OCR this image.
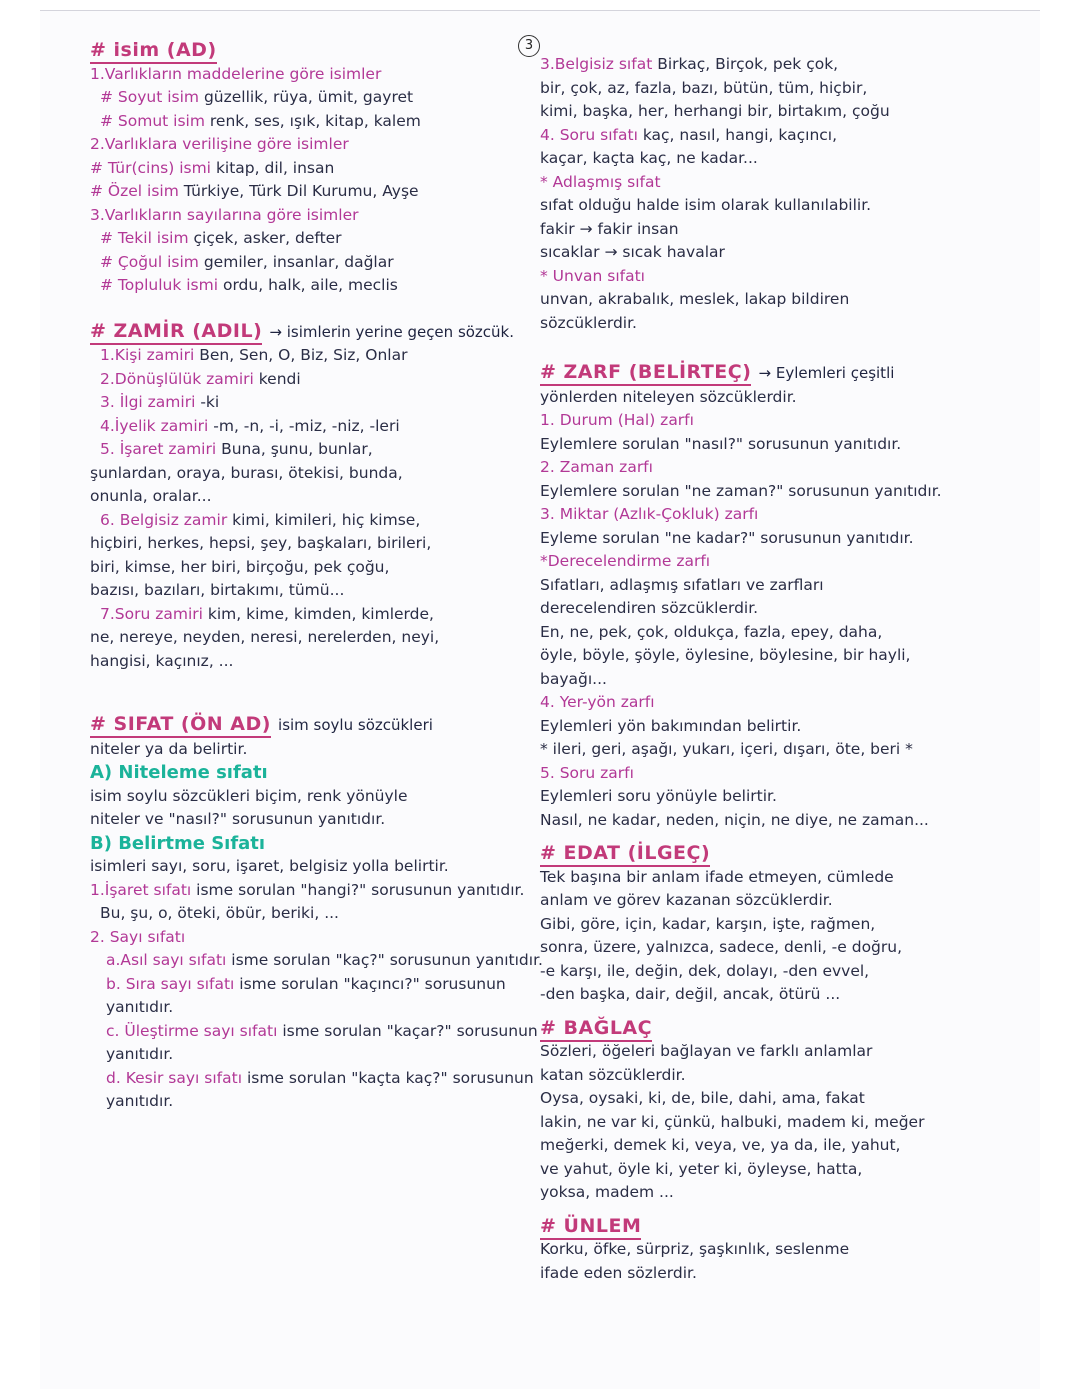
3
# isim (AD)
1.Varlıkların maddelerine göre isimler
# Soyut isim güzellik, rüya, ümit, gayret
# Somut isim renk, ses, ışık, kitap, kalem
2.Varlıklara verilişine göre isimler
# Tür(cins) ismi kitap, dil, insan
# Özel isim Türkiye, Türk Dil Kurumu, Ayşe
3.Varlıkların sayılarına göre isimler
# Tekil isim çiçek, asker, defter
# Çoğul isim gemiler, insanlar, dağlar
# Topluluk ismi ordu, halk, aile, meclis
# ZAMİR (ADIL) → isimlerin yerine geçen sözcük.
1.Kişi zamiri Ben, Sen, O, Biz, Siz, Onlar
2.Dönüşlülük zamiri kendi
3. İlgi zamiri -ki
4.İyelik zamiri -m, -n, -i, -miz, -niz, -leri
5. İşaret zamiri Buna, şunu, bunlar,
şunlardan, oraya, burası, ötekisi, bunda,
onunla, oralar...
6. Belgisiz zamir kimi, kimileri, hiç kimse,
hiçbiri, herkes, hepsi, şey, başkaları, birileri,
biri, kimse, her biri, birçoğu, pek çoğu,
bazısı, bazıları, birtakımı, tümü...
7.Soru zamiri kim, kime, kimden, kimlerde,
ne, nereye, neyden, neresi, nerelerden, neyi,
hangisi, kaçınız, ...
# SIFAT (ÖN AD) isim soylu sözcükleri
niteler ya da belirtir.
A) Niteleme sıfatı
isim soylu sözcükleri biçim, renk yönüyle
niteler ve "nasıl?" sorusunun yanıtıdır.
B) Belirtme Sıfatı
isimleri sayı, soru, işaret, belgisiz yolla belirtir.
1.İşaret sıfatı isme sorulan "hangi?" sorusunun yanıtıdır.
Bu, şu, o, öteki, öbür, beriki, ...
2. Sayı sıfatı
a.Asıl sayı sıfatı isme sorulan "kaç?" sorusunun yanıtıdır.
b. Sıra sayı sıfatı isme sorulan "kaçıncı?" sorusunun yanıtıdır.
c. Üleştirme sayı sıfatı isme sorulan "kaçar?" sorusunun yanıtıdır.
d. Kesir sayı sıfatı isme sorulan "kaçta kaç?" sorusunun yanıtıdır.
3.Belgisiz sıfat Birkaç, Birçok, pek çok,
bir, çok, az, fazla, bazı, bütün, tüm, hiçbir,
kimi, başka, her, herhangi bir, birtakım, çoğu
4. Soru sıfatı kaç, nasıl, hangi, kaçıncı,
kaçar, kaçta kaç, ne kadar...
* Adlaşmış sıfat
sıfat olduğu halde isim olarak kullanılabilir.
fakir → fakir insan
sıcaklar → sıcak havalar
* Unvan sıfatı
unvan, akrabalık, meslek, lakap bildiren
sözcüklerdir.
# ZARF (BELİRTEÇ) → Eylemleri çeşitli
yönlerden niteleyen sözcüklerdir.
1. Durum (Hal) zarfı
Eylemlere sorulan "nasıl?" sorusunun yanıtıdır.
2. Zaman zarfı
Eylemlere sorulan "ne zaman?" sorusunun yanıtıdır.
3. Miktar (Azlık-Çokluk) zarfı
Eyleme sorulan "ne kadar?" sorusunun yanıtıdır.
*Derecelendirme zarfı
Sıfatları, adlaşmış sıfatları ve zarfları
derecelendiren sözcüklerdir.
En, ne, pek, çok, oldukça, fazla, epey, daha,
öyle, böyle, şöyle, öylesine, böylesine, bir hayli,
bayağı...
4. Yer-yön zarfı
Eylemleri yön bakımından belirtir.
* ileri, geri, aşağı, yukarı, içeri, dışarı, öte, beri *
5. Soru zarfı
Eylemleri soru yönüyle belirtir.
Nasıl, ne kadar, neden, niçin, ne diye, ne zaman...
# EDAT (İLGEÇ)
Tek başına bir anlam ifade etmeyen, cümlede
anlam ve görev kazanan sözcüklerdir.
Gibi, göre, için, kadar, karşın, işte, rağmen,
sonra, üzere, yalnızca, sadece, denli, -e doğru,
-e karşı, ile, değin, dek, dolayı, -den evvel,
-den başka, dair, değil, ancak, ötürü ...
# BAĞLAÇ
Sözleri, öğeleri bağlayan ve farklı anlamlar
katan sözcüklerdir.
Oysa, oysaki, ki, de, bile, dahi, ama, fakat
lakin, ne var ki, çünkü, halbuki, madem ki, meğer
meğerki, demek ki, veya, ve, ya da, ile, yahut,
ve yahut, öyle ki, yeter ki, öyleyse, hatta,
yoksa, madem ...
# ÜNLEM
Korku, öfke, sürpriz, şaşkınlık, seslenme
ifade eden sözlerdir.
